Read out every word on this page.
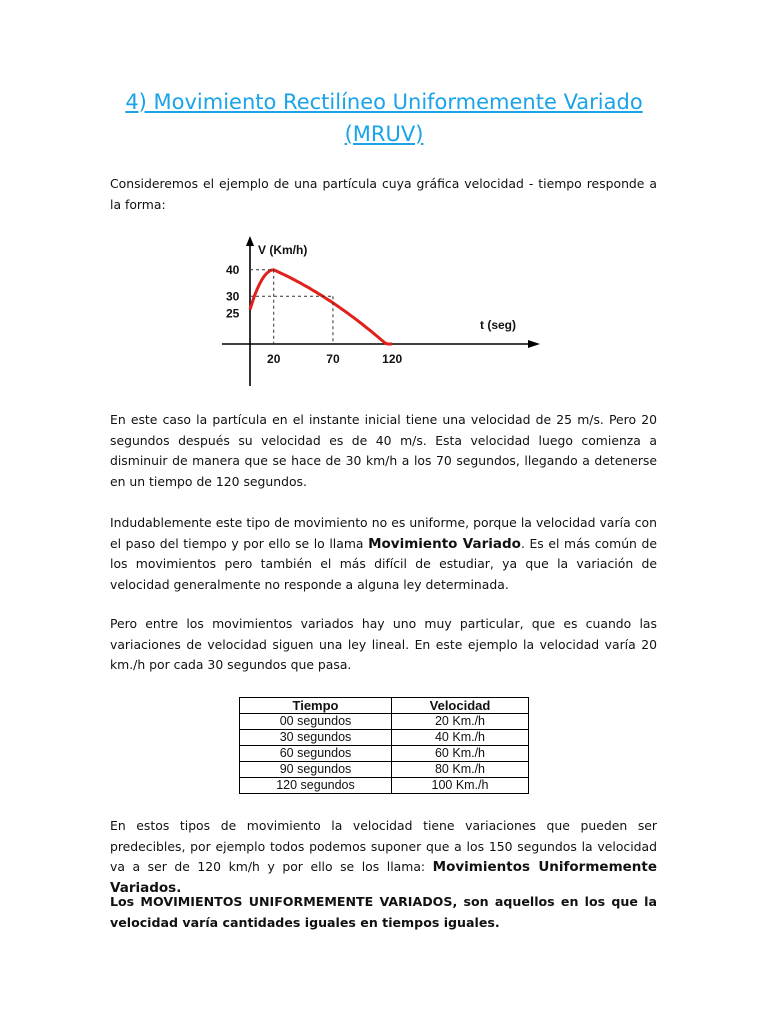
4) Movimiento Rectilíneo Uniformemente Variado (MRUV)

Consideremos el ejemplo de una partícula cuya gráfica velocidad - tiempo responde a la forma:

40
30
25
20	70	120
V (Km/h)
t (seg)

En este caso la partícula en el instante inicial tiene una velocidad de 25 m/s. Pero 20 segundos después su velocidad es de 40 m/s. Esta velocidad luego comienza a disminuir de manera que se hace de 30 km/h a los 70 segundos, llegando a detenerse en un tiempo de 120 segundos.

Indudablemente este tipo de movimiento no es uniforme, porque la velocidad varía con el paso del tiempo y por ello se lo llama Movimiento Variado. Es el más común de los movimientos pero también el más difícil de estudiar, ya que la variación de velocidad generalmente no responde a alguna ley determinada.

Pero entre los movimientos variados hay uno muy particular, que es cuando las variaciones de velocidad siguen una ley lineal. En este ejemplo la velocidad varía 20 km./h por cada 30 segundos que pasa.

Tiempo	Velocidad
00 segundos	20 Km./h
30 segundos	40 Km./h
60 segundos	60 Km./h
90 segundos	80 Km./h
120 segundos	100 Km./h

En estos tipos de movimiento la velocidad tiene variaciones que pueden ser predecibles, por ejemplo todos podemos suponer que a los 150 segundos la velocidad va a ser de 120 km/h y por ello se los llama: Movimientos Uniformemente Variados.

Los MOVIMIENTOS UNIFORMEMENTE VARIADOS, son aquellos en los que la velocidad varía cantidades iguales en tiempos iguales.
